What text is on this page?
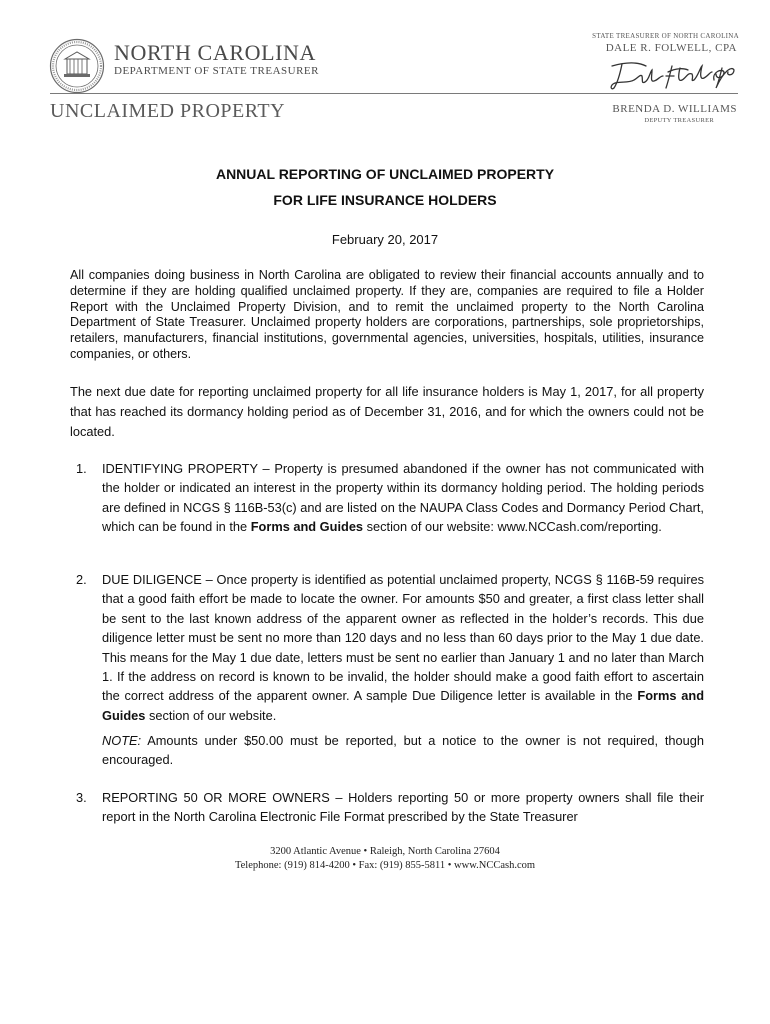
NORTH CAROLINA
DEPARTMENT OF STATE TREASURER
UNCLAIMED PROPERTY
STATE TREASURER OF NORTH CAROLINA
DALE R. FOLWELL, CPA
BRENDA D. WILLIAMS
DEPUTY TREASURER
ANNUAL REPORTING OF UNCLAIMED PROPERTY
FOR LIFE INSURANCE HOLDERS
February 20, 2017

All companies doing business in North Carolina are obligated to review their financial accounts annually and to determine if they are holding qualified unclaimed property. If they are, companies are required to file a Holder Report with the Unclaimed Property Division, and to remit the unclaimed property to the North Carolina Department of State Treasurer. Unclaimed property holders are corporations, partnerships, sole proprietorships, retailers, manufacturers, financial institutions, governmental agencies, universities, hospitals, utilities, insurance companies, or others.

The next due date for reporting unclaimed property for all life insurance holders is May 1, 2017, for all property that has reached its dormancy holding period as of December 31, 2016, and for which the owners could not be located.

1. IDENTIFYING PROPERTY – Property is presumed abandoned if the owner has not communicated with the holder or indicated an interest in the property within its dormancy holding period. The holding periods are defined in NCGS § 116B-53(c) and are listed on the NAUPA Class Codes and Dormancy Period Chart, which can be found in the Forms and Guides section of our website: www.NCCash.com/reporting.
2. DUE DILIGENCE – Once property is identified as potential unclaimed property, NCGS § 116B-59 requires that a good faith effort be made to locate the owner. For amounts $50 and greater, a first class letter shall be sent to the last known address of the apparent owner as reflected in the holder’s records. This due diligence letter must be sent no more than 120 days and no less than 60 days prior to the May 1 due date. This means for the May 1 due date, letters must be sent no earlier than January 1 and no later than March 1. If the address on record is known to be invalid, the holder should make a good faith effort to ascertain the correct address of the apparent owner. A sample Due Diligence letter is available in the Forms and Guides section of our website.
NOTE: Amounts under $50.00 must be reported, but a notice to the owner is not required, though encouraged.
3. REPORTING 50 OR MORE OWNERS – Holders reporting 50 or more property owners shall file their report in the North Carolina Electronic File Format prescribed by the State Treasurer
3200 Atlantic Avenue • Raleigh, North Carolina 27604
Telephone: (919) 814-4200 • Fax: (919) 855-5811 • www.NCCash.com
